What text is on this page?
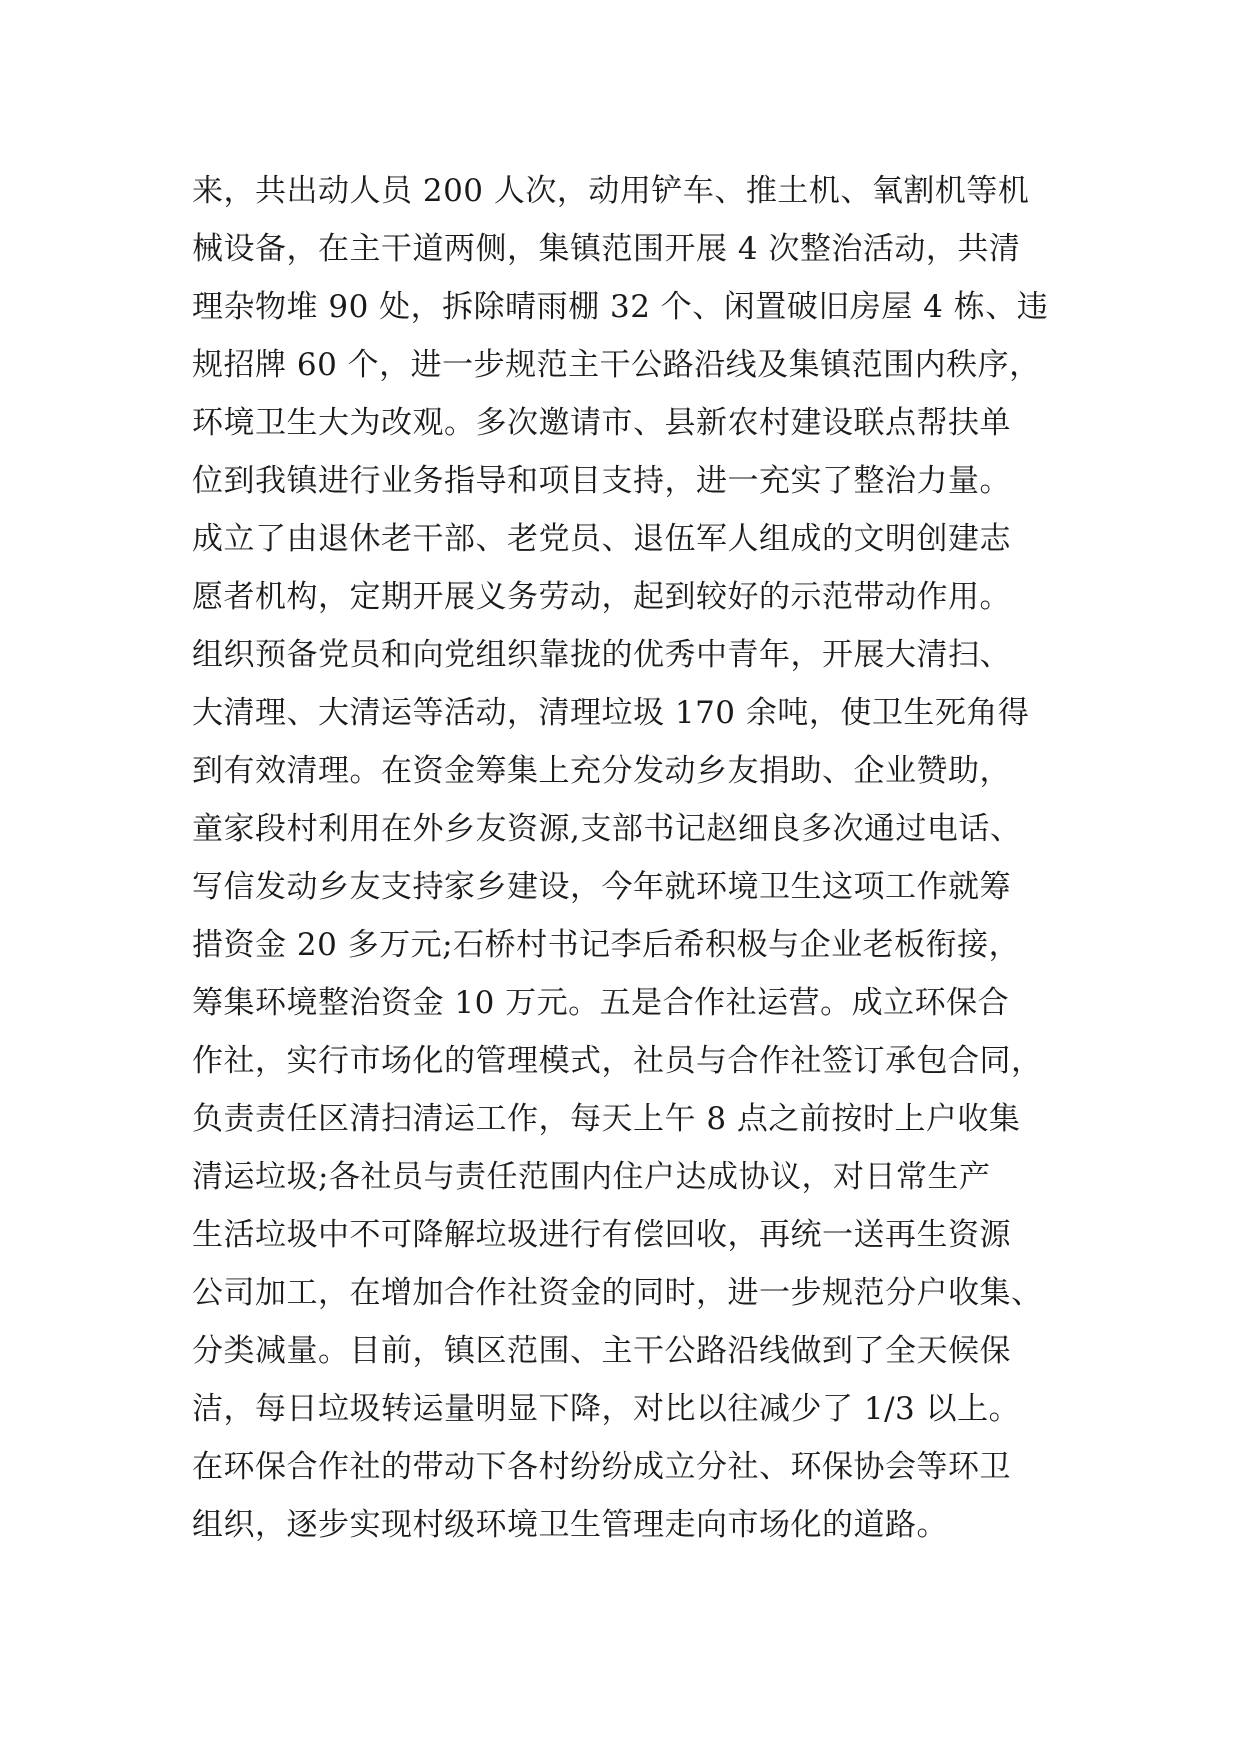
来，共出动人员 200 人次，动用铲车、推土机、氧割机等机
械设备，在主干道两侧，集镇范围开展 4 次整治活动，共清
理杂物堆 90 处，拆除晴雨棚 32 个、闲置破旧房屋 4 栋、违
规招牌 60 个，进一步规范主干公路沿线及集镇范围内秩序，
环境卫生大为改观。多次邀请市、县新农村建设联点帮扶单
位到我镇进行业务指导和项目支持，进一充实了整治力量。
成立了由退休老干部、老党员、退伍军人组成的文明创建志
愿者机构，定期开展义务劳动，起到较好的示范带动作用。
组织预备党员和向党组织靠拢的优秀中青年，开展大清扫、
大清理、大清运等活动，清理垃圾 170 余吨，使卫生死角得
到有效清理。在资金筹集上充分发动乡友捐助、企业赞助，
童家段村利用在外乡友资源,支部书记赵细良多次通过电话、
写信发动乡友支持家乡建设，今年就环境卫生这项工作就筹
措资金 20 多万元;石桥村书记李后希积极与企业老板衔接，
筹集环境整治资金 10 万元。五是合作社运营。成立环保合
作社，实行市场化的管理模式，社员与合作社签订承包合同，
负责责任区清扫清运工作，每天上午 8 点之前按时上户收集
清运垃圾;各社员与责任范围内住户达成协议，对日常生产
生活垃圾中不可降解垃圾进行有偿回收，再统一送再生资源
公司加工，在增加合作社资金的同时，进一步规范分户收集、
分类减量。目前，镇区范围、主干公路沿线做到了全天候保
洁，每日垃圾转运量明显下降，对比以往减少了 1/3 以上。
在环保合作社的带动下各村纷纷成立分社、环保协会等环卫
组织，逐步实现村级环境卫生管理走向市场化的道路。
